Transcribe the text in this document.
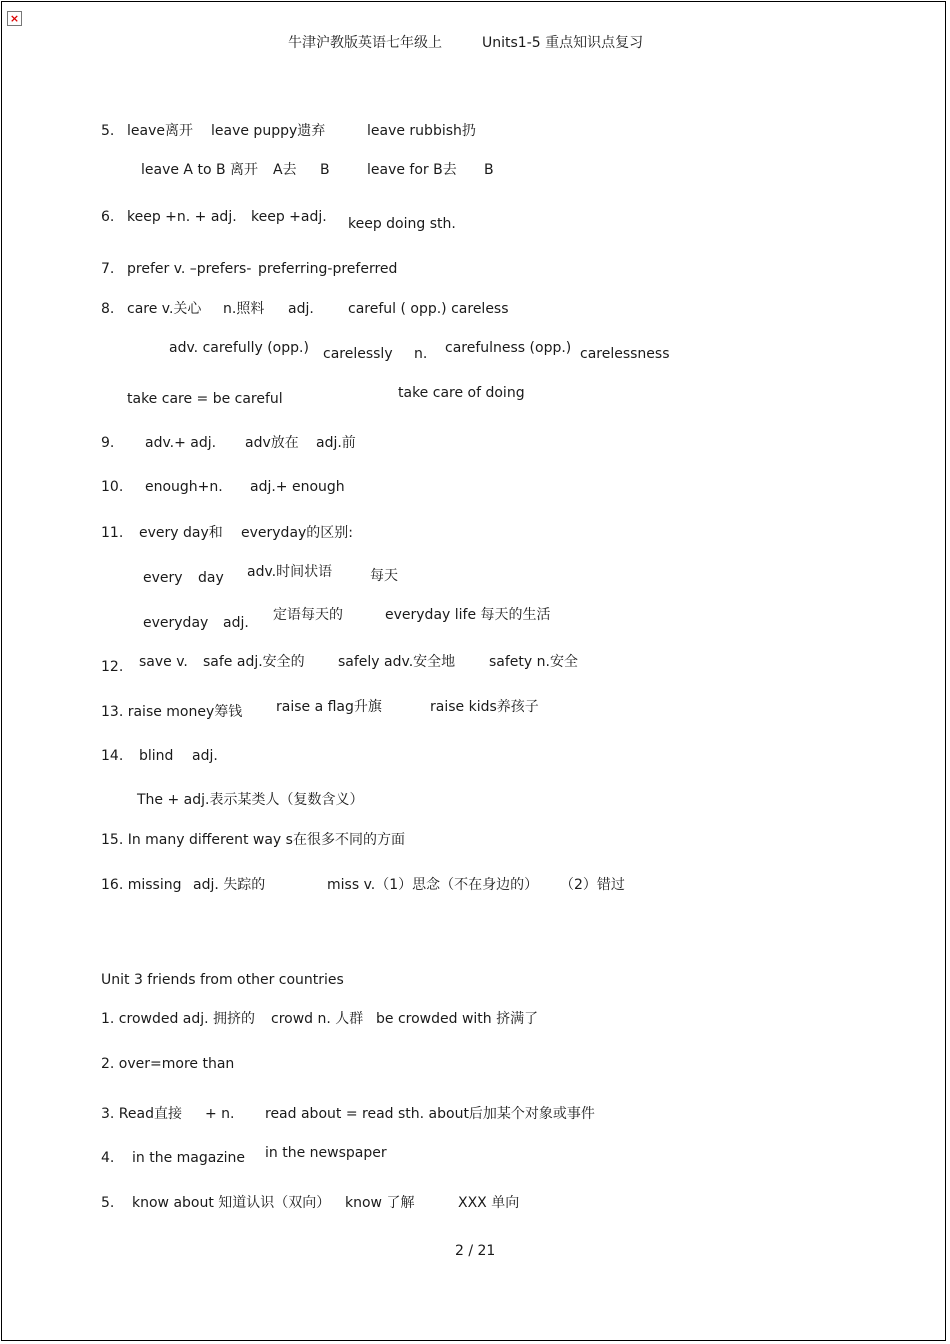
×
牛津沪教版英语七年级上	Units1-5 重点知识点复习
5. leave离开 leave puppy遗弃	leave rubbish扔
leave A to B 离开 A去 B	leave for B去 B
6. keep +n. + adj. keep +adj. keep doing sth.
7. prefer v. –prefers- preferring-preferred
8. care v.关心 n.照料 adj. careful ( opp.) careless
adv. carefully (opp.) carelessly n. carefulness (opp.) carelessness
take care = be careful	take care of doing
9. adv.+ adj. adv放在 adj.前
10. enough+n. adj.+ enough
11. every day和 everyday的区别:
every day adv.时间状语	每天
everyday adj. 定语每天的	everyday life 每天的生活
12. save v. safe adj.安全的 safely adv.安全地 safety n.安全
13. raise money筹钱 raise a flag升旗	raise kids养孩子
14. blind adj.
The + adj.表示某类人（复数含义）
15. In many different way s在很多不同的方面
16. missing adj. 失踪的	miss v.（1）思念（不在身边的） （2）错过
Unit 3 friends from other countries
1. crowded adj. 拥挤的 crowd n. 人群 be crowded with 挤满了
2. over=more than
3. Read直接 + n. read about = read sth. about后加某个对象或事件
4. in the magazine in the newspaper
5. know about 知道认识（双向） know 了解	XXX 单向
2 / 21
